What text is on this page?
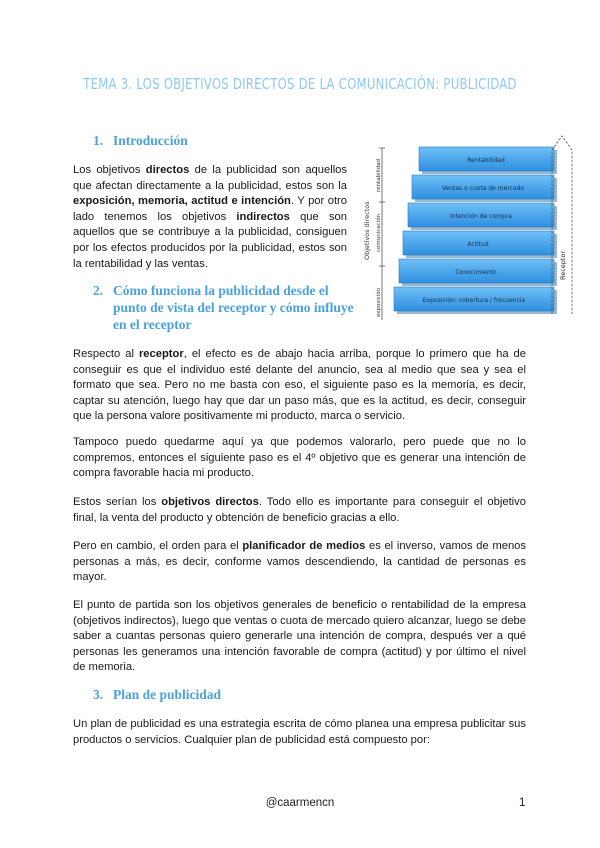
TEMA 3. LOS OBJETIVOS DIRECTOS DE LA COMUNICACIÓN: PUBLICIDAD
1. Introducción

Los objetivos directos de la publicidad son aquellos que afectan directamente a la publicidad, estos son la exposición, memoria, actitud e intención. Y por otro lado tenemos los objetivos indirectos que son aquellos que se contribuye a la publicidad, consiguen por los efectos producidos por la publicidad, estos son la rentabilidad y las ventas.

2. Cómo funciona la publicidad desde el
punto de vista del receptor y cómo influye
en el receptor
Objetivos directos
rentabilidad
comunicación
exposición
Rentabilidad
Ventas o cuota de mercado
Intención de compra
Actitud
Conocimiento
Exposición: cobertura / frecuencia
Receptor

Respecto al receptor, el efecto es de abajo hacia arriba, porque lo primero que ha de conseguir es que el individuo esté delante del anuncio, sea al medio que sea y sea el formato que sea. Pero no me basta con eso, el siguiente paso es la memoria, es decir, captar su atención, luego hay que dar un paso más, que es la actitud, es decir, conseguir que la persona valore positivamente mi producto, marca o servicio.

Tampoco puedo quedarme aquí ya que podemos valorarlo, pero puede que no lo compremos, entonces el siguiente paso es el 4º objetivo que es generar una intención de compra favorable hacia mi producto.

Estos serían los objetivos directos. Todo ello es importante para conseguir el objetivo final, la venta del producto y obtención de beneficio gracias a ello.

Pero en cambio, el orden para el planificador de medios es el inverso, vamos de menos personas a más, es decir, conforme vamos descendiendo, la cantidad de personas es mayor.

El punto de partida son los objetivos generales de beneficio o rentabilidad de la empresa (objetivos indirectos), luego que ventas o cuota de mercado quiero alcanzar, luego se debe saber a cuantas personas quiero generarle una intención de compra, después ver a qué personas les generamos una intención favorable de compra (actitud) y por último el nivel de memoria.

3. Plan de publicidad

Un plan de publicidad es una estrategia escrita de cómo planea una empresa publicitar sus productos o servicios. Cualquier plan de publicidad está compuesto por:

@caarmencn	1
